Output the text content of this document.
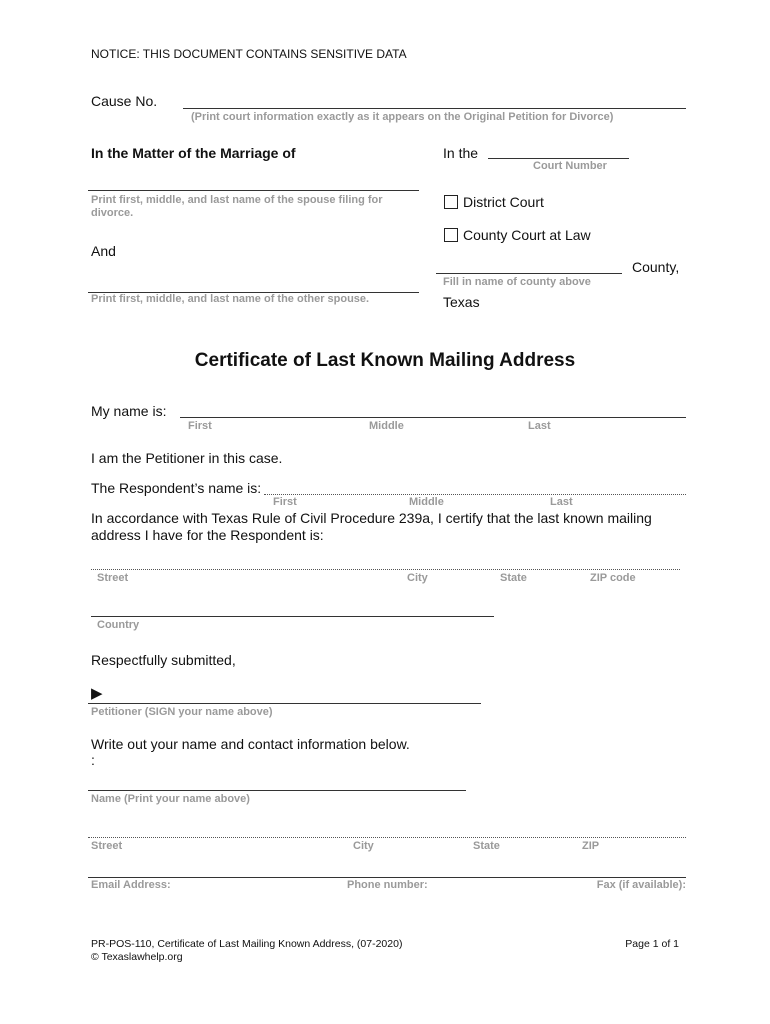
NOTICE: THIS DOCUMENT CONTAINS SENSITIVE DATA
Cause No.
(Print court information exactly as it appears on the Original Petition for Divorce)
In the Matter of the Marriage of
Print first, middle, and last name of the spouse filing for divorce.
And
Print first, middle, and last name of the other spouse.
In the
Court Number
District Court
County Court at Law
County,
Fill in name of county above
Texas
Certificate of Last Known Mailing Address
My name is:
First	Middle	Last
I am the Petitioner in this case.
The Respondent’s name is:
First	Middle	Last
In accordance with Texas Rule of Civil Procedure 239a, I certify that the last known mailing
address I have for the Respondent is:
Street	City	State	ZIP code
Country
Respectfully submitted,
▶
Petitioner (SIGN your name above)
Write out your name and contact information below.
:
Name (Print your name above)
Street	City	State	ZIP
Email Address:	Phone number:	Fax (if available):
PR-POS-110, Certificate of Last Mailing Known Address, (07-2020)
© Texaslawhelp.org
Page 1 of 1
